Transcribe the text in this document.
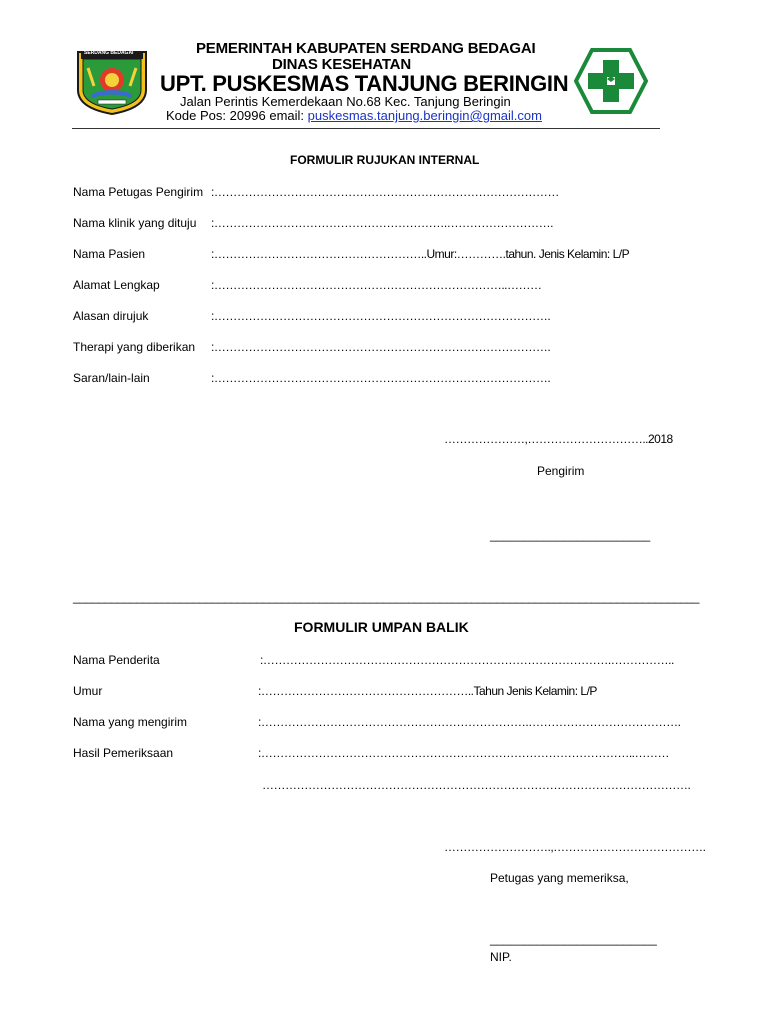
SERDANG BEDAGAI	PEMERINTAH KABUPATEN SERDANG BEDAGAI
DINAS KESEHATAN
UPT. PUSKESMAS TANJUNG BERINGIN
Jalan Perintis Kemerdekaan No.68 Kec. Tanjung Beringin
Kode Pos: 20996 email: puskesmas.tanjung.beringin@gmail.com
FORMULIR RUJUKAN INTERNAL
Nama Petugas Pengirim :………………………………………………………………………………
Nama klinik yang dituju :…………………………………………………….……………………….
Nama Pasien	:………………………………………………..Umur:………….tahun. Jenis Kelamin: L/P
Alamat Lengkap	:…………………………………………………………………..………
Alasan dirujuk	:…………………………………………………………………………….
Therapi yang diberikan :…………………………………………………………………………….
Saran/lain-lain	:…………………………………………………………………………….
…………………,…………………………..2018
Pengirim
________________________
___________________________________________________________________________________________________
FORMULIR UMPAN BALIK
Nama Penderita	:……………………………………………………………………………….……………..
Umur	:………………………………………………..Tahun Jenis Kelamin: L/P
Nama yang mengirim	:…………………………………………………………….………………………………….
Hasil Pemeriksaan	:……………………………………………………………………………………..………
………………………………………………………………………………………………….
……………………….,………………………………….
Petugas yang memeriksa,
_________________________
NIP.
